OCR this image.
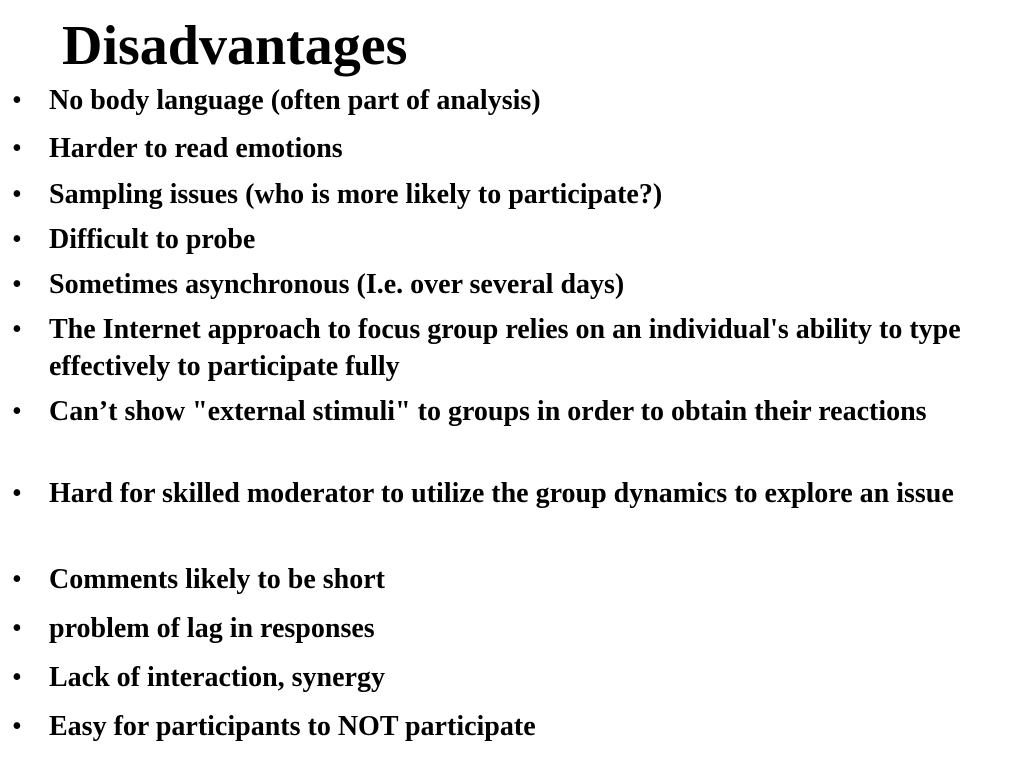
Disadvantages
• No body language (often part of analysis)
• Harder to read emotions
• Sampling issues (who is more likely to participate?)
• Difficult to probe
• Sometimes asynchronous (I.e. over several days)
• The Internet approach to focus group relies on an individual's ability to type effectively to participate fully
• Can’t show "external stimuli" to groups in order to obtain their reactions
• Hard for skilled moderator to utilize the group dynamics to explore an issue
• Comments likely to be short
• problem of lag in responses
• Lack of interaction, synergy
• Easy for participants to NOT participate
